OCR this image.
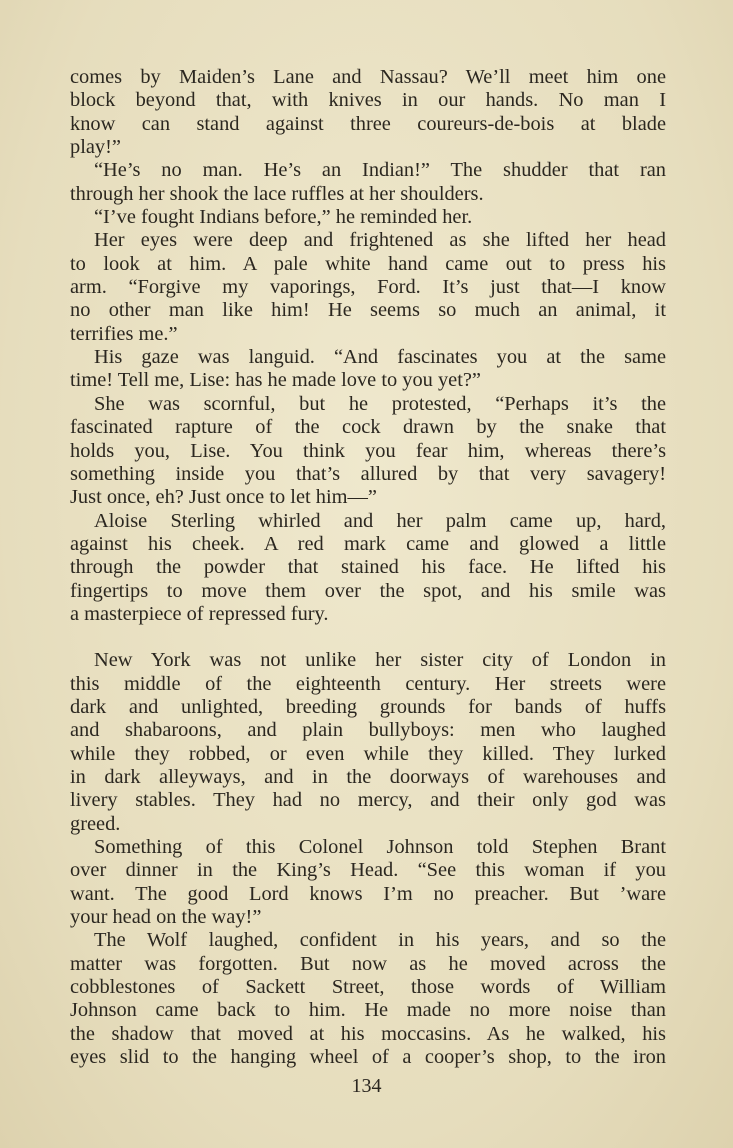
comes by Maiden’s Lane and Nassau? We’ll meet him one
block beyond that, with knives in our hands. No man I
know can stand against three coureurs-de-bois at blade
play!”
“He’s no man. He’s an Indian!” The shudder that ran
through her shook the lace ruffles at her shoulders.
“I’ve fought Indians before,” he reminded her.
Her eyes were deep and frightened as she lifted her head
to look at him. A pale white hand came out to press his
arm. “Forgive my vaporings, Ford. It’s just that—I know
no other man like him! He seems so much an animal, it
terrifies me.”
His gaze was languid. “And fascinates you at the same
time! Tell me, Lise: has he made love to you yet?”
She was scornful, but he protested, “Perhaps it’s the
fascinated rapture of the cock drawn by the snake that
holds you, Lise. You think you fear him, whereas there’s
something inside you that’s allured by that very savagery!
Just once, eh? Just once to let him—”
Aloise Sterling whirled and her palm came up, hard,
against his cheek. A red mark came and glowed a little
through the powder that stained his face. He lifted his
fingertips to move them over the spot, and his smile was
a masterpiece of repressed fury.
New York was not unlike her sister city of London in
this middle of the eighteenth century. Her streets were
dark and unlighted, breeding grounds for bands of huffs
and shabaroons, and plain bullyboys: men who laughed
while they robbed, or even while they killed. They lurked
in dark alleyways, and in the doorways of warehouses and
livery stables. They had no mercy, and their only god was
greed.
Something of this Colonel Johnson told Stephen Brant
over dinner in the King’s Head. “See this woman if you
want. The good Lord knows I’m no preacher. But ’ware
your head on the way!”
The Wolf laughed, confident in his years, and so the
matter was forgotten. But now as he moved across the
cobblestones of Sackett Street, those words of William
Johnson came back to him. He made no more noise than
the shadow that moved at his moccasins. As he walked, his
eyes slid to the hanging wheel of a cooper’s shop, to the iron
134
